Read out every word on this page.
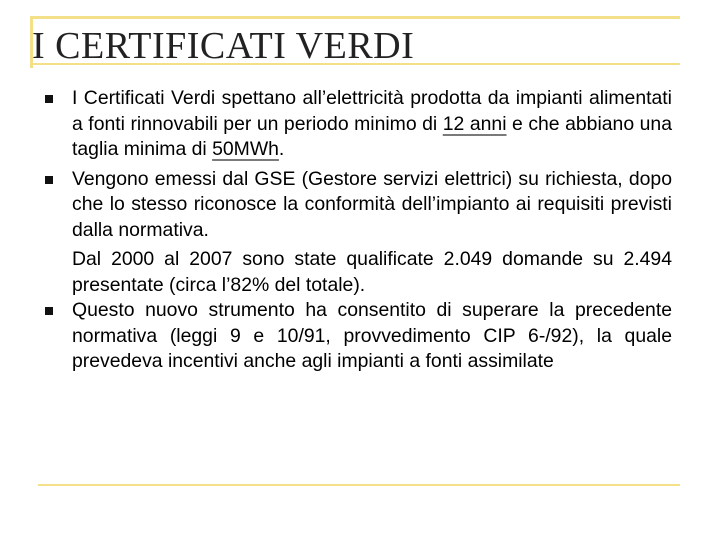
I CERTIFICATI VERDI
I Certificati Verdi spettano all’elettricità prodotta da impianti alimentati a fonti rinnovabili per un periodo minimo di 12 anni e che abbiano una taglia minima di 50MWh.
Vengono emessi dal GSE (Gestore servizi elettrici) su richiesta, dopo che lo stesso riconosce la conformità dell’impianto ai requisiti previsti dalla normativa.
Dal 2000 al 2007 sono state qualificate 2.049 domande su 2.494 presentate (circa l’82% del totale).
Questo nuovo strumento ha consentito di superare la precedente normativa (leggi 9 e 10/91, provvedimento CIP 6-/92), la quale prevedeva incentivi anche agli impianti a fonti assimilate
